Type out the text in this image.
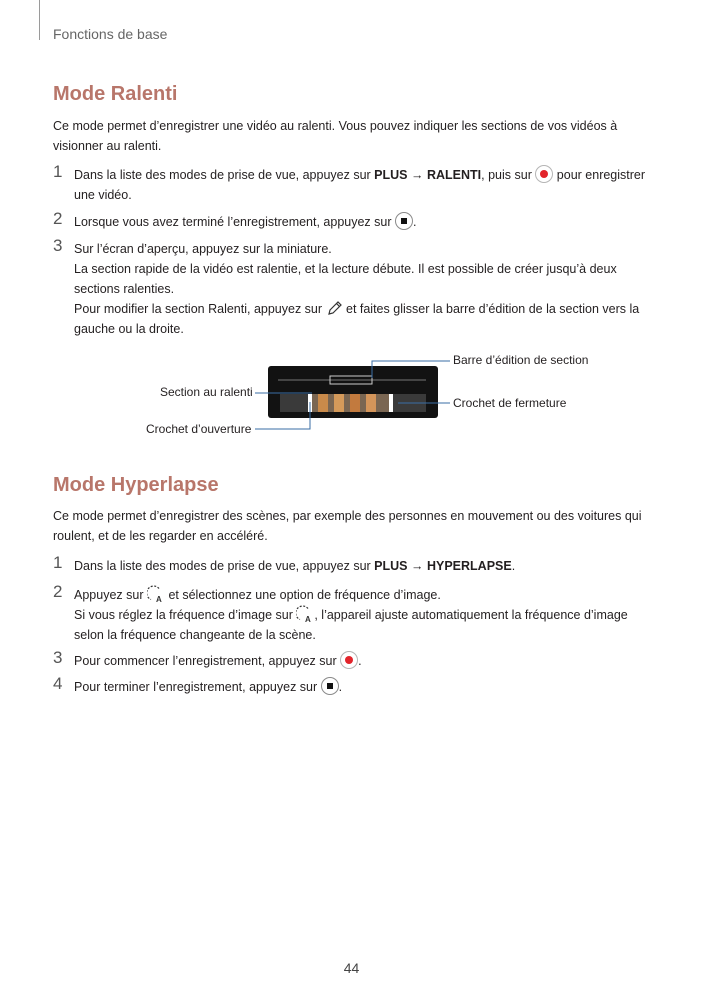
Fonctions de base
Mode Ralenti
Ce mode permet d’enregistrer une vidéo au ralenti. Vous pouvez indiquer les sections de vos vidéos à visionner au ralenti.
1 Dans la liste des modes de prise de vue, appuyez sur PLUS → RALENTI, puis sur  pour enregistrer une vidéo.
2 Lorsque vous avez terminé l’enregistrement, appuyez sur .
3 Sur l’écran d’aperçu, appuyez sur la miniature.

La section rapide de la vidéo est ralentie, et la lecture débute. Il est possible de créer jusqu’à deux sections ralenties.

Pour modifier la section Ralenti, appuyez sur  et faites glisser la barre d’édition de la section vers la gauche ou la droite.

Barre d’édition de section
Section au ralenti
Crochet de fermeture
Crochet d’ouverture
Mode Hyperlapse
Ce mode permet d’enregistrer des scènes, par exemple des personnes en mouvement ou des voitures qui roulent, et de les regarder en accéléré.
1 Dans la liste des modes de prise de vue, appuyez sur PLUS → HYPERLAPSE.
2 Appuyez sur A et sélectionnez une option de fréquence d’image.

Si vous réglez la fréquence d’image sur A , l’appareil ajuste automatiquement la fréquence d’image selon la fréquence changeante de la scène.

3 Pour commencer l’enregistrement, appuyez sur .
4 Pour terminer l’enregistrement, appuyez sur .
44
